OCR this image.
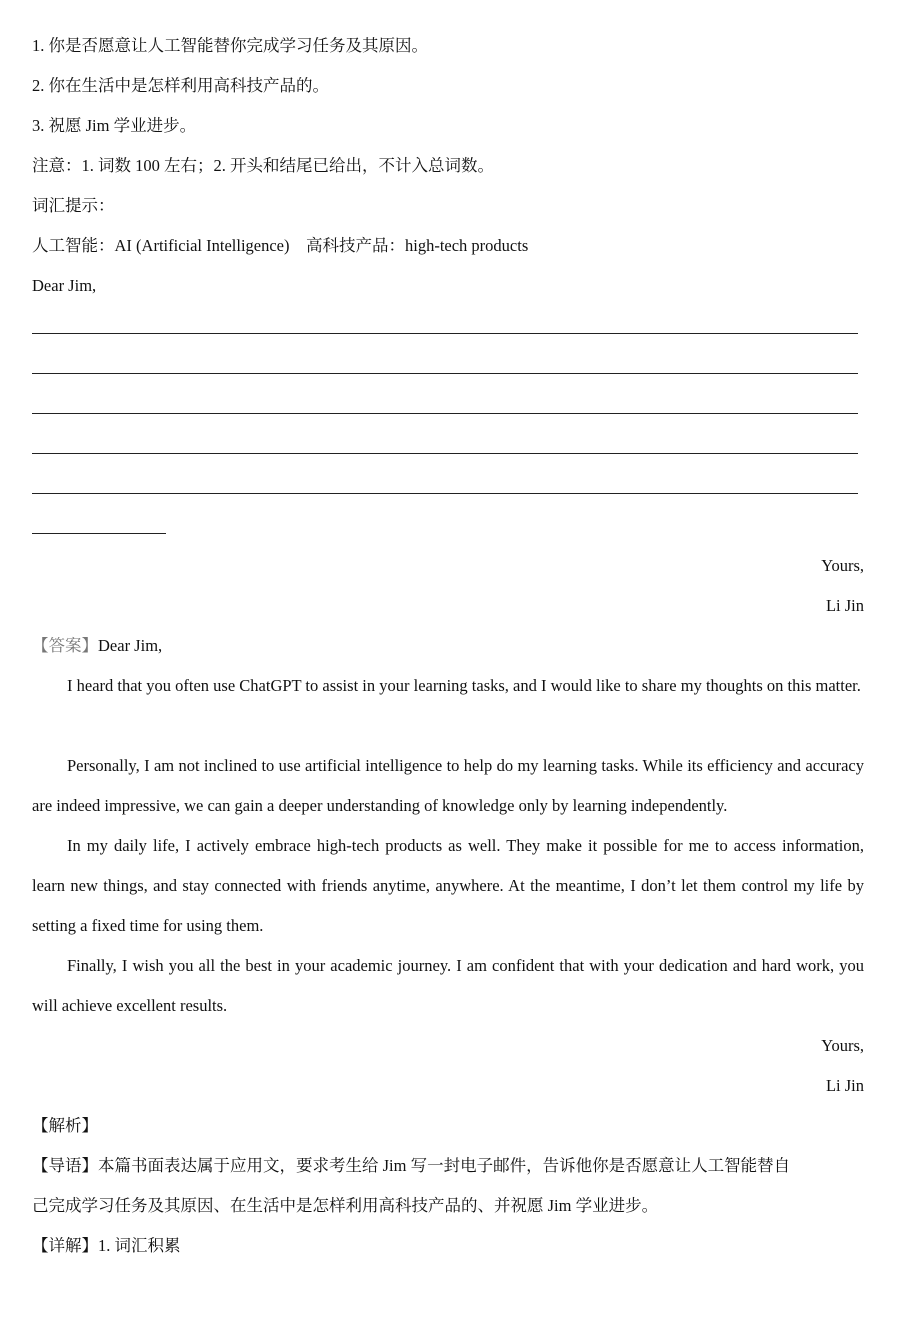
1. 你是否愿意让人工智能替你完成学习任务及其原因。
2. 你在生活中是怎样利用高科技产品的。
3. 祝愿 Jim 学业进步。
注意：1. 词数 100 左右；2. 开头和结尾已给出，不计入总词数。
词汇提示：
人工智能：AI (Artificial Intelligence)    高科技产品：high-tech products
Dear Jim,
Yours,
Li Jin
【答案】Dear Jim,
I heard that you often use ChatGPT to assist in your learning tasks, and I would like to share my thoughts on this matter.
Personally, I am not inclined to use artificial intelligence to help do my learning tasks. While its efficiency and accuracy are indeed impressive, we can gain a deeper understanding of knowledge only by learning independently.
In my daily life, I actively embrace high-tech products as well. They make it possible for me to access information, learn new things, and stay connected with friends anytime, anywhere. At the meantime, I don’t let them control my life by setting a fixed time for using them.
Finally, I wish you all the best in your academic journey. I am confident that with your dedication and hard work, you will achieve excellent results.
Yours,
Li Jin
【解析】
【导语】本篇书面表达属于应用文，要求考生给 Jim 写一封电子邮件，告诉他你是否愿意让人工智能替自
己完成学习任务及其原因、在生活中是怎样利用高科技产品的、并祝愿 Jim 学业进步。
【详解】1. 词汇积累
